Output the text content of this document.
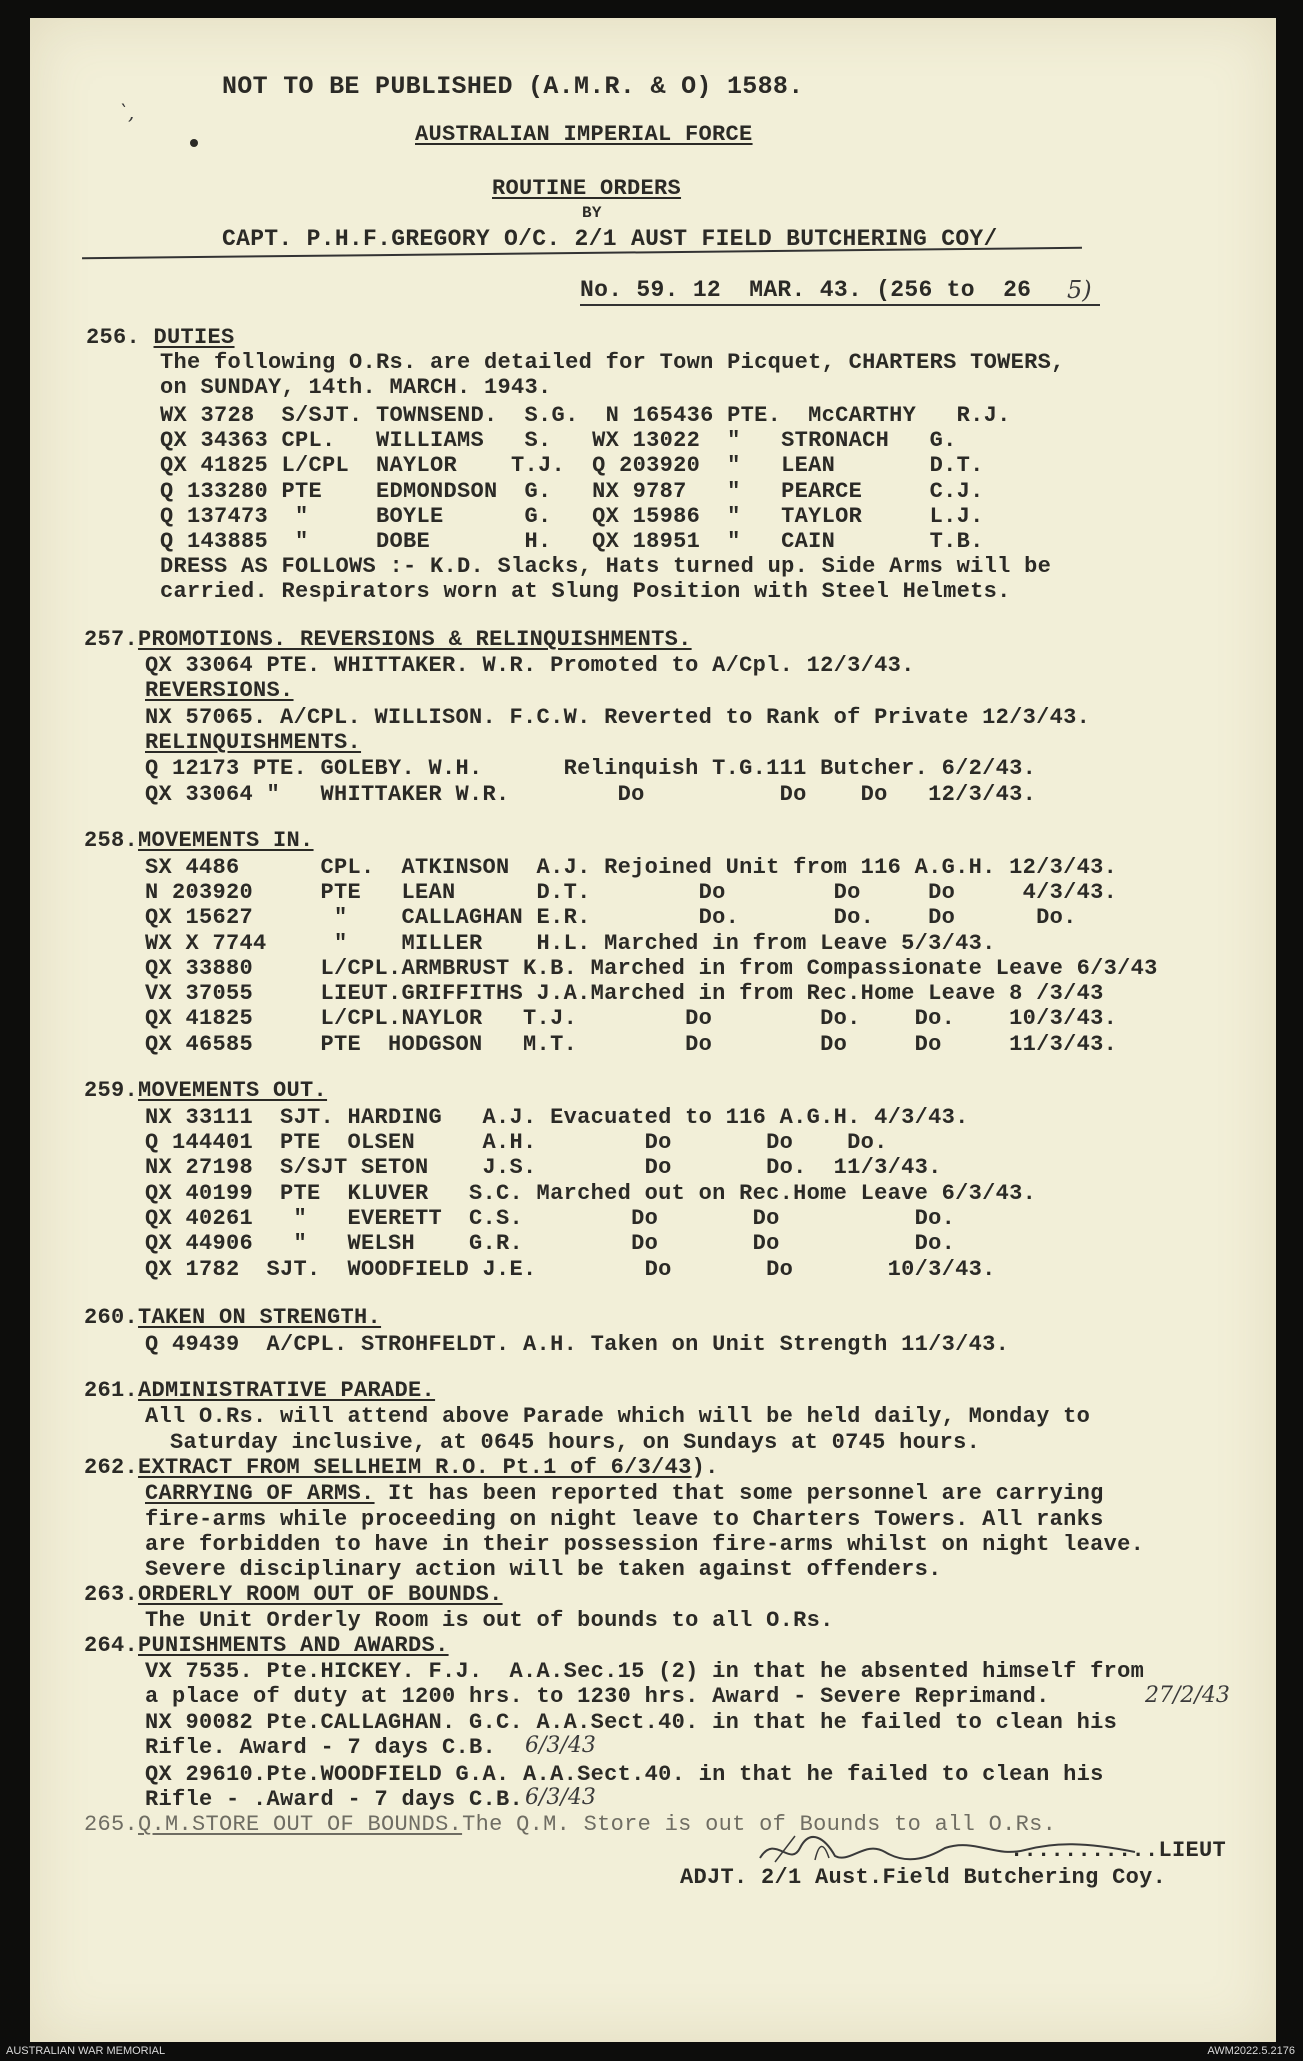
`,
NOT TO BE PUBLISHED (A.M.R. & O) 1588.
AUSTRALIAN IMPERIAL FORCE
ROUTINE ORDERS
BY
CAPT. P.H.F.GREGORY O/C. 2/1 AUST FIELD BUTCHERING COY/
No. 59. 12  MAR. 43. (256 to  26 5)
256. DUTIES
The following O.Rs. are detailed for Town Picquet, CHARTERS TOWERS,
on SUNDAY, 14th. MARCH. 1943.
WX 3728  S/SJT. TOWNSEND.  S.G.  N 165436 PTE.  McCARTHY   R.J.
QX 34363 CPL.   WILLIAMS   S.   WX 13022  "   STRONACH   G.
QX 41825 L/CPL  NAYLOR    T.J.  Q 203920  "   LEAN       D.T.
Q 133280 PTE    EDMONDSON  G.   NX 9787   "   PEARCE     C.J.
Q 137473  "     BOYLE      G.   QX 15986  "   TAYLOR     L.J.
Q 143885  "     DOBE       H.   QX 18951  "   CAIN       T.B.
DRESS AS FOLLOWS :- K.D. Slacks, Hats turned up. Side Arms will be
carried. Respirators worn at Slung Position with Steel Helmets.
257.PROMOTIONS. REVERSIONS & RELINQUISHMENTS.
QX 33064 PTE. WHITTAKER. W.R. Promoted to A/Cpl. 12/3/43.
REVERSIONS.
NX 57065. A/CPL. WILLISON. F.C.W. Reverted to Rank of Private 12/3/43.
RELINQUISHMENTS.
Q 12173 PTE. GOLEBY. W.H.      Relinquish T.G.111 Butcher. 6/2/43.
QX 33064 "   WHITTAKER W.R.        Do          Do    Do   12/3/43.
258.MOVEMENTS IN.
SX 4486      CPL.  ATKINSON  A.J. Rejoined Unit from 116 A.G.H. 12/3/43.
N 203920     PTE   LEAN      D.T.        Do        Do     Do     4/3/43.
QX 15627      "    CALLAGHAN E.R.        Do.       Do.    Do      Do.
WX X 7744     "    MILLER    H.L. Marched in from Leave 5/3/43.
QX 33880     L/CPL.ARMBRUST K.B. Marched in from Compassionate Leave 6/3/43
VX 37055     LIEUT.GRIFFITHS J.A.Marched in from Rec.Home Leave 8 /3/43
QX 41825     L/CPL.NAYLOR   T.J.        Do        Do.    Do.    10/3/43.
QX 46585     PTE  HODGSON   M.T.        Do        Do     Do     11/3/43.
259.MOVEMENTS OUT.
NX 33111  SJT. HARDING   A.J. Evacuated to 116 A.G.H. 4/3/43.
Q 144401  PTE  OLSEN     A.H.        Do       Do    Do.
NX 27198  S/SJT SETON    J.S.        Do       Do.  11/3/43.
QX 40199  PTE  KLUVER   S.C. Marched out on Rec.Home Leave 6/3/43.
QX 40261   "   EVERETT  C.S.        Do       Do          Do.
QX 44906   "   WELSH    G.R.        Do       Do          Do.
QX 1782  SJT.  WOODFIELD J.E.        Do       Do       10/3/43.
260.TAKEN ON STRENGTH.
Q 49439  A/CPL. STROHFELDT. A.H. Taken on Unit Strength 11/3/43.
261.ADMINISTRATIVE PARADE.
All O.Rs. will attend above Parade which will be held daily, Monday to
Saturday inclusive, at 0645 hours, on Sundays at 0745 hours.
262.EXTRACT FROM SELLHEIM R.O. Pt.1 of 6/3/43).
CARRYING OF ARMS. It has been reported that some personnel are carrying
fire-arms while proceeding on night leave to Charters Towers. All ranks
are forbidden to have in their possession fire-arms whilst on night leave.
Severe disciplinary action will be taken against offenders.
263.ORDERLY ROOM OUT OF BOUNDS.
The Unit Orderly Room is out of bounds to all O.Rs.
264.PUNISHMENTS AND AWARDS.
VX 7535. Pte.HICKEY. F.J.  A.A.Sec.15 (2) in that he absented himself from
a place of duty at 1200 hrs. to 1230 hrs. Award - Severe Reprimand.	27/2/43
NX 90082 Pte.CALLAGHAN. G.C. A.A.Sect.40. in that he failed to clean his
Rifle. Award - 7 days C.B. 6/3/43
QX 29610.Pte.WOODFIELD G.A. A.A.Sect.40. in that he failed to clean his
Rifle - .Award - 7 days C.B. 6/3/43
265.Q.M.STORE OUT OF BOUNDS.The Q.M. Store is out of Bounds to all O.Rs.
...........LIEUT
ADJT. 2/1 Aust.Field Butchering Coy.
AUSTRALIAN WAR MEMORIAL	AWM2022.5.2176
